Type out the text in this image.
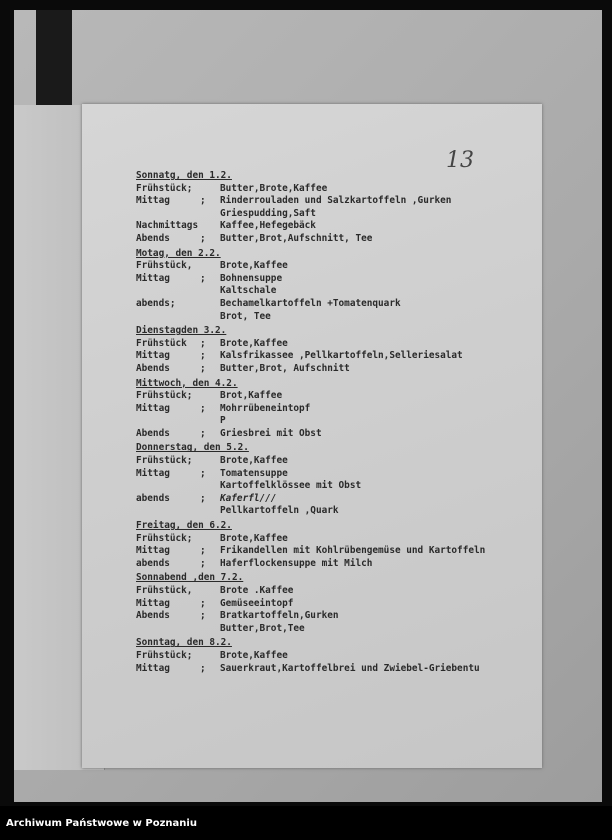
13
Sonnatg, den 1.2.
Frühstück;	Butter,Brote,Kaffee
Mittag	;	Rinderrouladen und Salzkartoffeln ,Gurken
Griespudding,Saft
Nachmittags Kaffee,Hefegebäck
Abends	;	Butter,Brot,Aufschnitt, Tee
Motag, den 2.2.
Frühstück,	Brote,Kaffee
Mittag	;	Bohnensuppe
Kaltschale
abends;	Bechamelkartoffeln +Tomatenquark
Brot, Tee
Dienstagden 3.2.
Frühstück	;	Brote,Kaffee
Mittag	;	Kalsfrikassee ,Pellkartoffeln,Selleriesalat
Abends	;	Butter,Brot, Aufschnitt
Mittwoch, den 4.2.
Frühstück;	Brot,Kaffee
Mittag	;	Mohrrübeneintopf
P
Abends	;	Griesbrei mit Obst
Donnerstag, den 5.2.
Frühstück;	Brote,Kaffee
Mittag	;	Tomatensuppe
Kartoffelklössee mit Obst
abends	;	Kaferfl///
Pellkartoffeln ,Quark
Freitag, den 6.2.
Frühstück;	Brote,Kaffee
Mittag	;	Frikandellen mit Kohlrübengemüse und Kartoffeln
abends	;	Haferflockensuppe mit Milch
Sonnabend ,den 7.2.
Frühstück,	Brote .Kaffee
Mittag	;	Gemüseeintopf
Abends	;	Bratkartoffeln,Gurken
Butter,Brot,Tee
Sonntag, den 8.2.
Frühstück;	Brote,Kaffee
Mittag	;	Sauerkraut,Kartoffelbrei und Zwiebel-Griebentu
Archiwum Państwowe w Poznaniu
